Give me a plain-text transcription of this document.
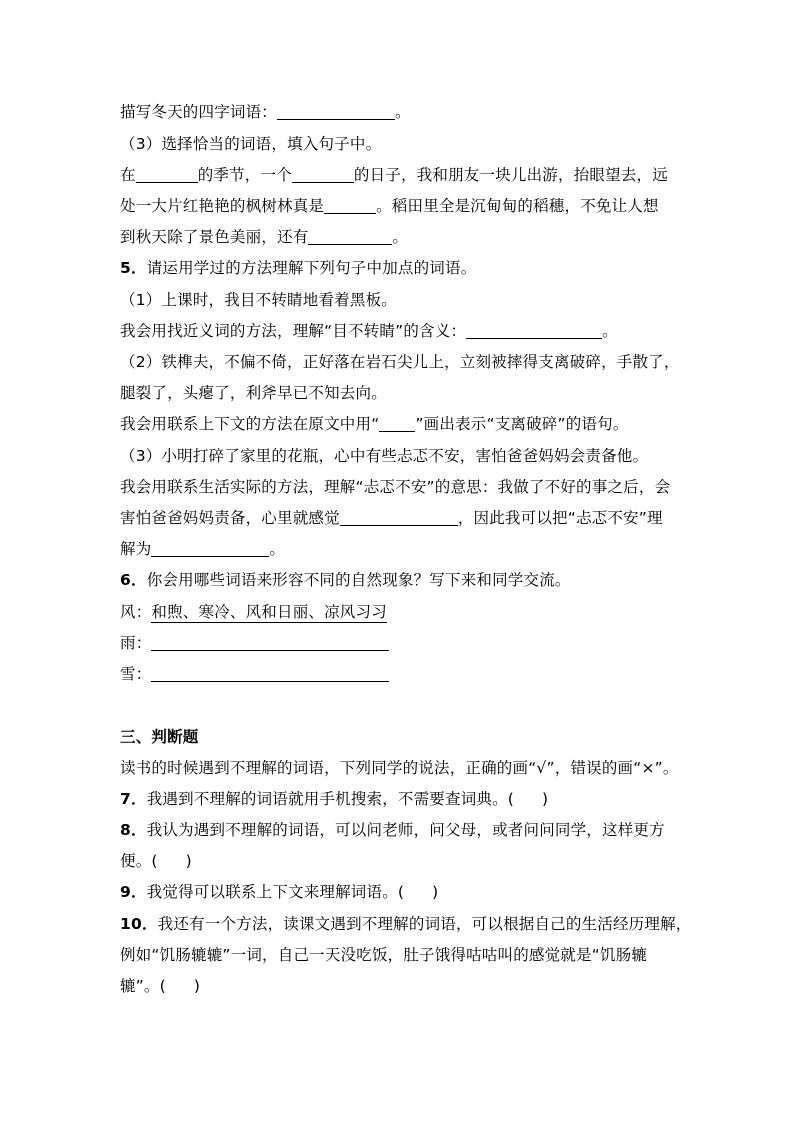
描写冬天的四字词语：	。
（3）选择恰当的词语，填入句子中。
在	的季节，一个	的日子，我和朋友一块儿出游，抬眼望去，远
处一大片红艳艳的枫树林真是	。稻田里全是沉甸甸的稻穗，不免让人想
到秋天除了景色美丽，还有	。
5．请运用学过的方法理解下列句子中加点的词语。
（1）上课时，我目不转睛地看着黑板。
我会用找近义词的方法，理解“目不转睛”的含义：	。
（2）铁榫夫，不偏不倚，正好落在岩石尖儿上，立刻被摔得支离破碎，手散了，
腿裂了，头瘪了，利斧早已不知去向。
我会用联系上下文的方法在原文中用“ ”画出表示“支离破碎”的语句。
（3）小明打碎了家里的花瓶，心中有些忐忑不安，害怕爸爸妈妈会责备他。
我会用联系生活实际的方法，理解“忐忑不安”的意思：我做了不好的事之后，会
害怕爸爸妈妈责备，心里就感觉	，因此我可以把“忐忑不安”理
解为	。
6．你会用哪些词语来形容不同的自然现象？写下来和同学交流。
风：和煦、寒冷、风和日丽、凉风习习
雨：
雪：
三、判断题
读书的时候遇到不理解的词语，下列同学的说法，正确的画“√”，错误的画“×”。
7．我遇到不理解的词语就用手机搜索，不需要查词典。( )
8．我认为遇到不理解的词语，可以问老师，问父母，或者问问同学，这样更方
便。( )
9．我觉得可以联系上下文来理解词语。( )
10．我还有一个方法，读课文遇到不理解的词语，可以根据自己的生活经历理解，
例如“饥肠辘辘”一词，自己一天没吃饭，肚子饿得咕咕叫的感觉就是“饥肠辘
辘”。( )
